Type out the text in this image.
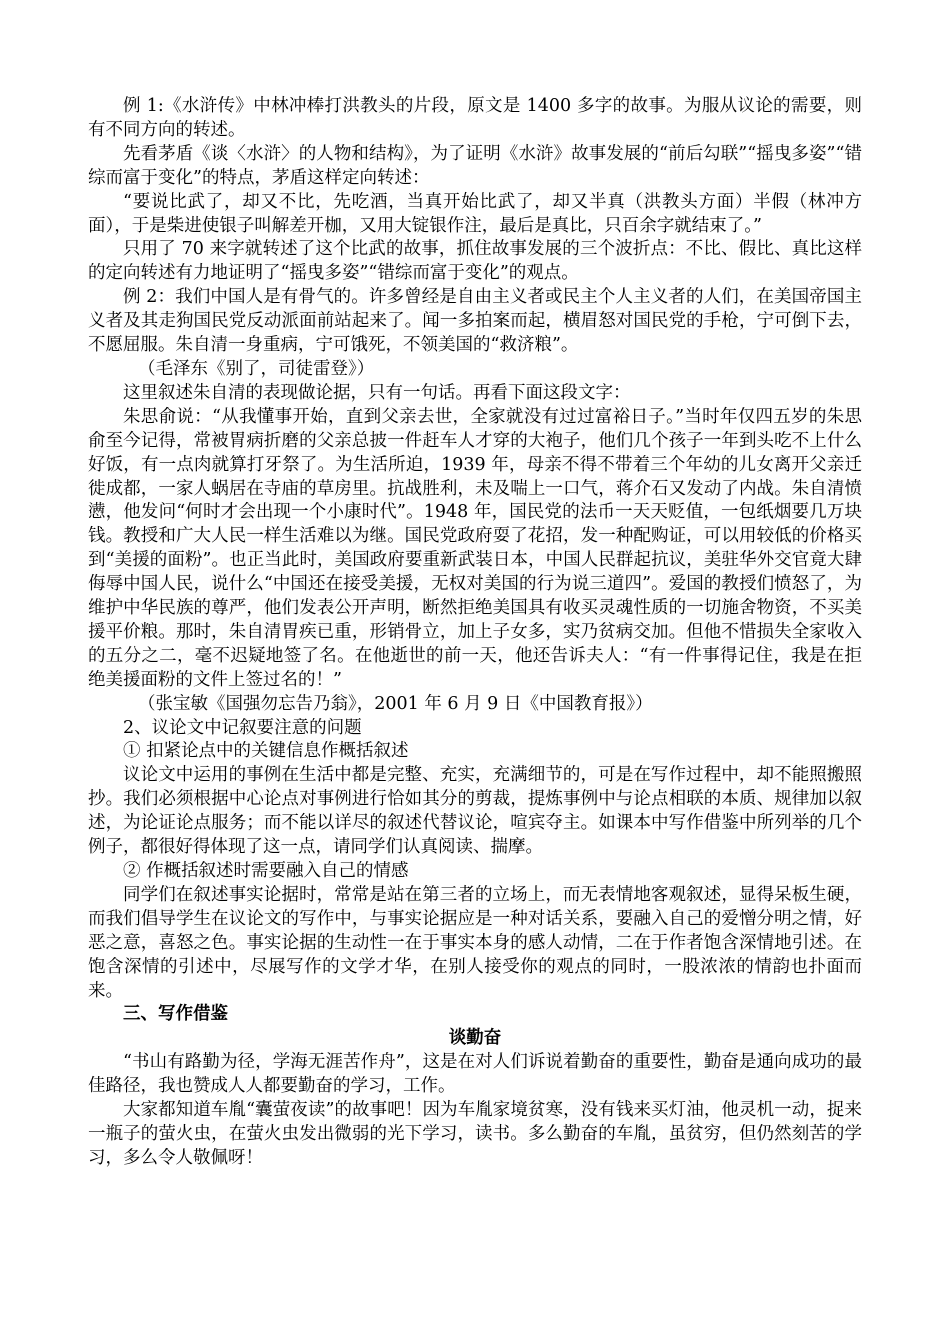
例 1:《水浒传》中林冲棒打洪教头的片段，原文是 1400 多字的故事。为服从议论的需要，则有不同方向的转述。

先看茅盾《谈〈水浒〉的人物和结构》，为了证明《水浒》故事发展的“前后勾联”“摇曳多姿”“错综而富于变化”的特点，茅盾这样定向转述：

“要说比武了，却又不比，先吃酒，当真开始比武了，却又半真（洪教头方面）半假（林冲方面），于是柴进使银子叫解差开枷，又用大锭银作注，最后是真比，只百余字就结束了。”

只用了 70 来字就转述了这个比武的故事，抓住故事发展的三个波折点：不比、假比、真比这样的定向转述有力地证明了“摇曳多姿”“错综而富于变化”的观点。

例 2：我们中国人是有骨气的。许多曾经是自由主义者或民主个人主义者的人们，在美国帝国主义者及其走狗国民党反动派面前站起来了。闻一多拍案而起，横眉怒对国民党的手枪，宁可倒下去，不愿屈服。朱自清一身重病，宁可饿死，不领美国的“救济粮”。

（毛泽东《别了，司徒雷登》）

这里叙述朱自清的表现做论据，只有一句话。再看下面这段文字：

朱思俞说：“从我懂事开始，直到父亲去世，全家就没有过过富裕日子。”当时年仅四五岁的朱思俞至今记得，常被胃病折磨的父亲总披一件赶车人才穿的大袍子，他们几个孩子一年到头吃不上什么好饭，有一点肉就算打牙祭了。为生活所迫，1939 年，母亲不得不带着三个年幼的儿女离开父亲迁徙成都，一家人蜗居在寺庙的草房里。抗战胜利，未及喘上一口气，蒋介石又发动了内战。朱自清愤懑，他发问“何时才会出现一个小康时代”。1948 年，国民党的法币一天天贬值，一包纸烟要几万块钱。教授和广大人民一样生活难以为继。国民党政府耍了花招，发一种配购证，可以用较低的价格买到“美援的面粉”。也正当此时，美国政府要重新武装日本，中国人民群起抗议，美驻华外交官竟大肆侮辱中国人民，说什么“中国还在接受美援，无权对美国的行为说三道四”。爱国的教授们愤怒了，为维护中华民族的尊严，他们发表公开声明，断然拒绝美国具有收买灵魂性质的一切施舍物资，不买美援平价粮。那时，朱自清胃疾已重，形销骨立，加上子女多，实乃贫病交加。但他不惜损失全家收入的五分之二，毫不迟疑地签了名。在他逝世的前一天，他还告诉夫人：“有一件事得记住，我是在拒绝美援面粉的文件上签过名的！”

（张宝敏《国强勿忘告乃翁》，2001 年 6 月 9 日《中国教育报》）

2、议论文中记叙要注意的问题

① 扣紧论点中的关键信息作概括叙述

议论文中运用的事例在生活中都是完整、充实，充满细节的，可是在写作过程中，却不能照搬照抄。我们必须根据中心论点对事例进行恰如其分的剪裁，提炼事例中与论点相联的本质、规律加以叙述，为论证论点服务；而不能以详尽的叙述代替议论，喧宾夺主。如课本中写作借鉴中所列举的几个例子，都很好得体现了这一点，请同学们认真阅读、揣摩。

② 作概括叙述时需要融入自己的情感

同学们在叙述事实论据时，常常是站在第三者的立场上，而无表情地客观叙述，显得呆板生硬，而我们倡导学生在议论文的写作中，与事实论据应是一种对话关系，要融入自己的爱憎分明之情，好恶之意，喜怒之色。事实论据的生动性一在于事实本身的感人动情，二在于作者饱含深情地引述。在饱含深情的引述中，尽展写作的文学才华，在别人接受你的观点的同时，一股浓浓的情韵也扑面而来。

三、写作借鉴

谈勤奋

“书山有路勤为径，学海无涯苦作舟”，这是在对人们诉说着勤奋的重要性，勤奋是通向成功的最佳路径，我也赞成人人都要勤奋的学习，工作。

大家都知道车胤“囊萤夜读”的故事吧！因为车胤家境贫寒，没有钱来买灯油，他灵机一动，捉来一瓶子的萤火虫，在萤火虫发出微弱的光下学习，读书。多么勤奋的车胤，虽贫穷，但仍然刻苦的学习，多么令人敬佩呀！
